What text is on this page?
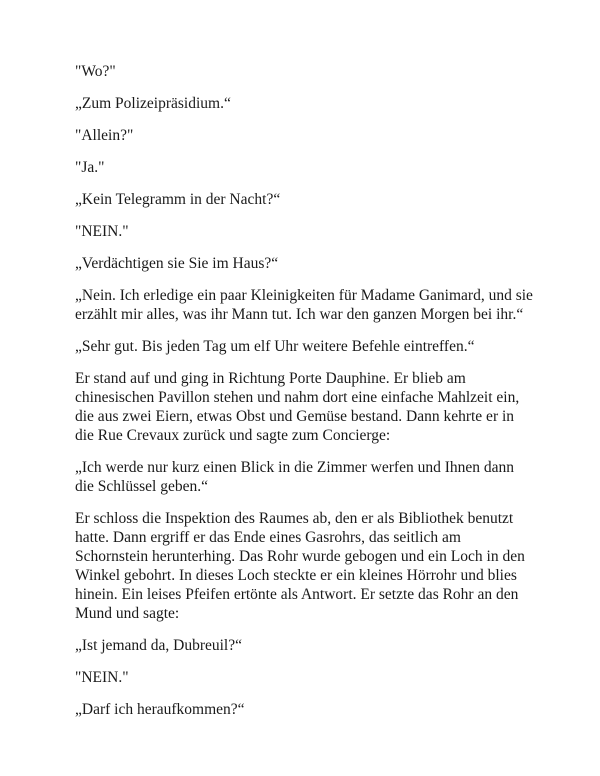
"Wo?"

„Zum Polizeipräsidium.“

"Allein?"

"Ja."

„Kein Telegramm in der Nacht?“

"NEIN."

„Verdächtigen sie Sie im Haus?“

„Nein. Ich erledige ein paar Kleinigkeiten für Madame Ganimard, und sie erzählt mir alles, was ihr Mann tut. Ich war den ganzen Morgen bei ihr.“

„Sehr gut. Bis jeden Tag um elf Uhr weitere Befehle eintreffen.“

Er stand auf und ging in Richtung Porte Dauphine. Er blieb am chinesischen Pavillon stehen und nahm dort eine einfache Mahlzeit ein, die aus zwei Eiern, etwas Obst und Gemüse bestand. Dann kehrte er in die Rue Crevaux zurück und sagte zum Concierge:

„Ich werde nur kurz einen Blick in die Zimmer werfen und Ihnen dann die Schlüssel geben.“

Er schloss die Inspektion des Raumes ab, den er als Bibliothek benutzt hatte. Dann ergriff er das Ende eines Gasrohrs, das seitlich am Schornstein herunterhing. Das Rohr wurde gebogen und ein Loch in den Winkel gebohrt. In dieses Loch steckte er ein kleines Hörrohr und blies hinein. Ein leises Pfeifen ertönte als Antwort. Er setzte das Rohr an den Mund und sagte:

„Ist jemand da, Dubreuil?“

"NEIN."

„Darf ich heraufkommen?“
